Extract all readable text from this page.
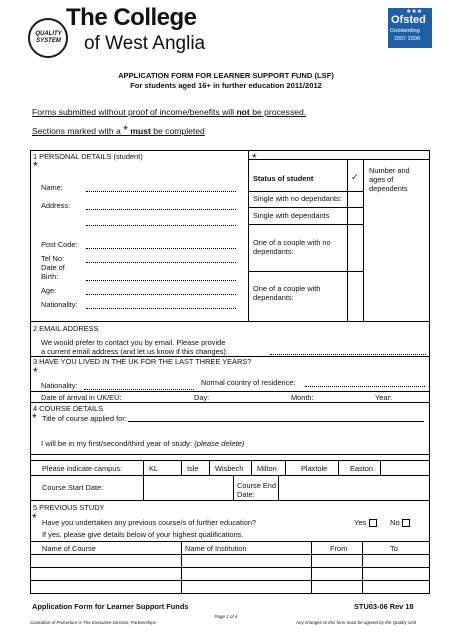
QUALITY SYSTEM
The College
of West Anglia
★★★
Ofsted
Outstanding
2007 2008
APPLICATION FORM FOR LEARNER SUPPORT FUND (LSF)
For students aged 16+ in further education 2011/2012
Forms submitted without proof of income/benefits will not be processed.
Sections marked with a * must be completed
1 PERSONAL DETAILS (student)
*
*
Name:
Address:
Post Code:
Tel No:
Date of
Birth:
Age:
Nationality:
Status of student	✓
Number and
ages of
dependents
Single with no dependants:
Single with dependants
One of a couple with no
dependants:
One of a couple with
dependants:
2 EMAIL ADDRESS
We would prefer to contact you by email. Please provide
a current email address (and let us know if this changes):
3 HAVE YOU LIVED IN THE UK FOR THE LAST THREE YEARS?
*
Nationality:	Normal country of residence:
Date of arrival in UK/EU:	Day:	Month:	Year:
4 COURSE DETAILS
* Title of course applied for:
I will be in my first/second/third year of study: (please delete)
Please indicate campus:	KL	Isle Wisbech Milton	Plaxtole	Easton
Course Start Date:	Course End
Date:
5 PREVIOUS STUDY
* Have you undertaken any previous course/s of further education?	Yes	No
If yes, please give details below of your highest qualifications.
Name of Course	Name of Institution	From	To
Application Form for Learner Support Funds	STU03-06 Rev 18
Page 1 of 4
Custodian of Procedure is The Executive Director, Partnerships	Any changes to this form must be agreed by the Quality Unit
